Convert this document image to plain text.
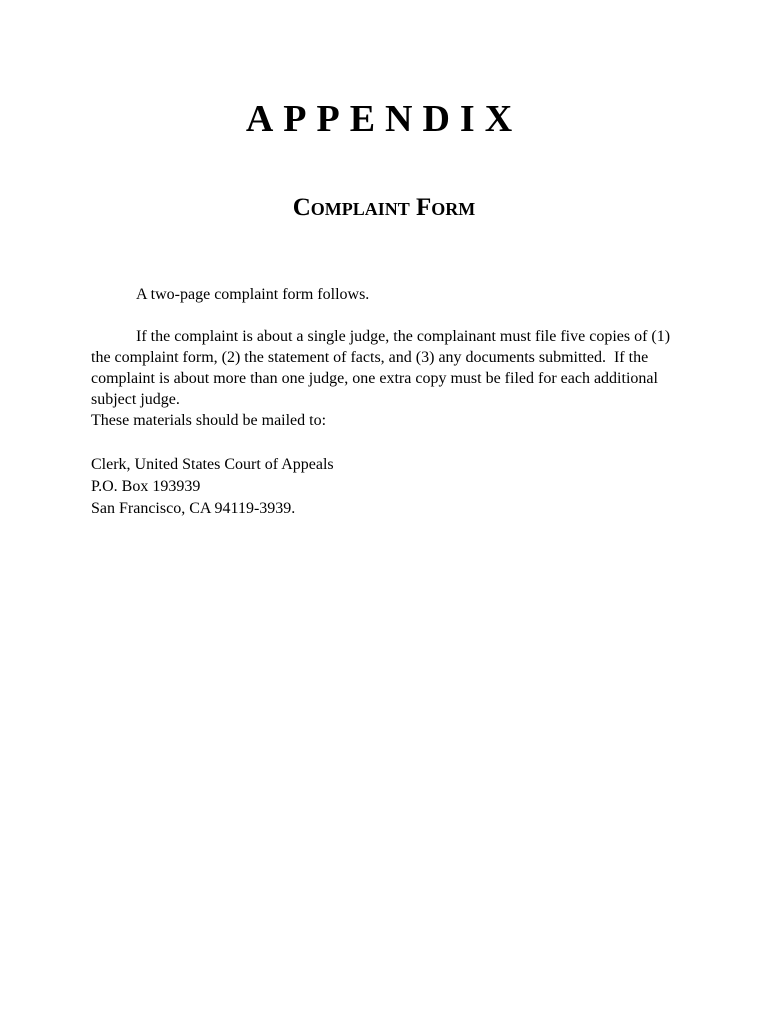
APPENDIX
Complaint Form

A two-page complaint form follows.

If the complaint is about a single judge, the complainant must file five copies of (1) the complaint form, (2) the statement of facts, and (3) any documents submitted.  If the complaint is about more than one judge, one extra copy must be filed for each additional subject judge.
These materials should be mailed to:
Clerk, United States Court of Appeals
P.O. Box 193939
San Francisco, CA 94119-3939.
